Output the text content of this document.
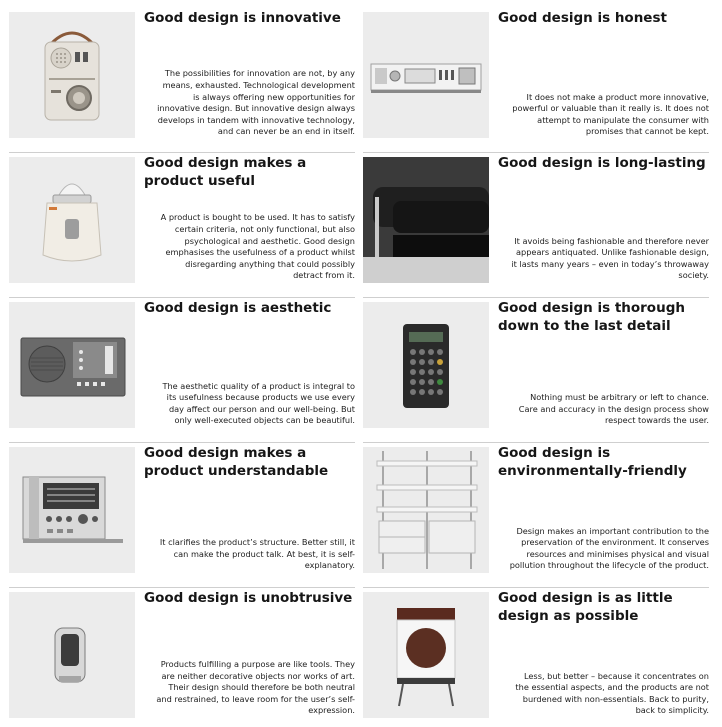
Good design is innovative
The possibilities for innovation are not, by any means, exhausted. Technological development is always offering new opportunities for innovative design. But innovative design always develops in tandem with innovative technology, and can never be an end in itself.
Good design is honest
It does not make a product more innovative, powerful or valuable than it really is. It does not attempt to manipulate the consumer with promises that cannot be kept.
Good design makes a product useful
A product is bought to be used. It has to satisfy certain criteria, not only functional, but also psychological and aesthetic. Good design emphasises the usefulness of a product whilst disregarding anything that could possibly detract from it.
Good design is long-lasting
It avoids being fashionable and therefore never appears antiquated. Unlike fashionable design, it lasts many years – even in today’s throwaway society.
Good design is aesthetic
The aesthetic quality of a product is integral to its usefulness because products we use every day affect our person and our well-being. But only well-executed objects can be beautiful.
Good design is thorough down to the last detail
Nothing must be arbitrary or left to chance. Care and accuracy in the design process show respect towards the user.
Good design makes a product understandable
It clarifies the product’s structure. Better still, it can make the product talk. At best, it is self-explanatory.
Good design is environmentally-friendly
Design makes an important contribution to the preservation of the environment. It conserves resources and minimises physical and visual pollution throughout the lifecycle of the product.
Good design is unobtrusive
Products fulfilling a purpose are like tools. They are neither decorative objects nor works of art. Their design should therefore be both neutral and restrained, to leave room for the user’s self-expression.
Good design is as little design as possible
Less, but better – because it concentrates on the essential aspects, and the products are not burdened with non-essentials. Back to purity, back to simplicity.
